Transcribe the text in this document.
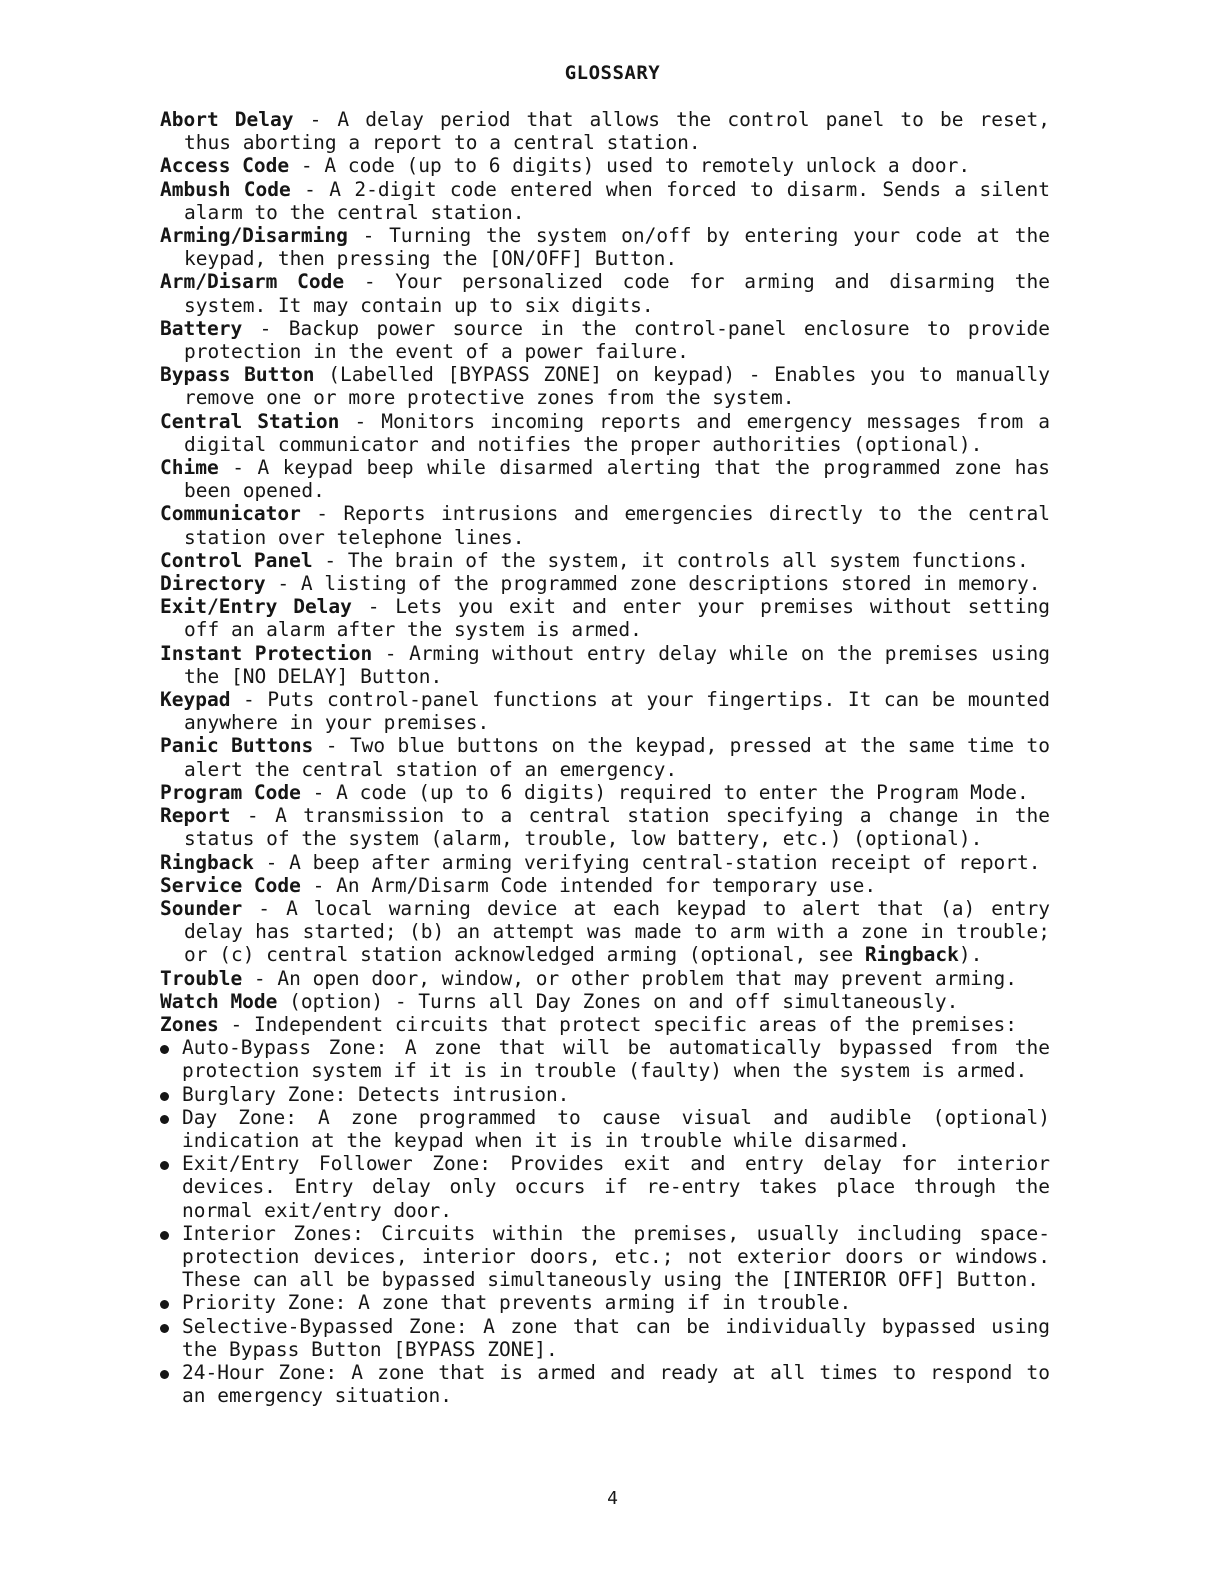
GLOSSARY
Abort Delay - A delay period that allows the control panel to be reset, thus aborting a report to a central station.
Access Code - A code (up to 6 digits) used to remotely unlock a door.
Ambush Code - A 2-digit code entered when forced to disarm. Sends a silent alarm to the central station.
Arming/Disarming - Turning the system on/off by entering your code at the keypad, then pressing the [ON/OFF] Button.
Arm/Disarm Code - Your personalized code for arming and disarming the system. It may contain up to six digits.
Battery - Backup power source in the control-panel enclosure to provide protection in the event of a power failure.
Bypass Button (Labelled [BYPASS ZONE] on keypad) - Enables you to manually remove one or more protective zones from the system.
Central Station - Monitors incoming reports and emergency messages from a digital communicator and notifies the proper authorities (optional).
Chime - A keypad beep while disarmed alerting that the programmed zone has been opened.
Communicator - Reports intrusions and emergencies directly to the central station over telephone lines.
Control Panel - The brain of the system, it controls all system functions.
Directory - A listing of the programmed zone descriptions stored in memory.
Exit/Entry Delay - Lets you exit and enter your premises without setting off an alarm after the system is armed.
Instant Protection - Arming without entry delay while on the premises using the [NO DELAY] Button.
Keypad - Puts control-panel functions at your fingertips. It can be mounted anywhere in your premises.
Panic Buttons - Two blue buttons on the keypad, pressed at the same time to alert the central station of an emergency.
Program Code - A code (up to 6 digits) required to enter the Program Mode.
Report - A transmission to a central station specifying a change in the status of the system (alarm, trouble, low battery, etc.) (optional).
Ringback - A beep after arming verifying central-station receipt of report.
Service Code - An Arm/Disarm Code intended for temporary use.
Sounder - A local warning device at each keypad to alert that (a) entry delay has started; (b) an attempt was made to arm with a zone in trouble; or (c) central station acknowledged arming (optional, see Ringback).
Trouble - An open door, window, or other problem that may prevent arming.
Watch Mode (option) - Turns all Day Zones on and off simultaneously.
Zones - Independent circuits that protect specific areas of the premises:
Auto-Bypass Zone: A zone that will be automatically bypassed from the protection system if it is in trouble (faulty) when the system is armed.
Burglary Zone: Detects intrusion.
Day Zone: A zone programmed to cause visual and audible (optional) indication at the keypad when it is in trouble while disarmed.
Exit/Entry Follower Zone: Provides exit and entry delay for interior devices. Entry delay only occurs if re-entry takes place through the normal exit/entry door.
Interior Zones: Circuits within the premises, usually including space-protection devices, interior doors, etc.; not exterior doors or windows. These can all be bypassed simultaneously using the [INTERIOR OFF] Button.
Priority Zone: A zone that prevents arming if in trouble.
Selective-Bypassed Zone: A zone that can be individually bypassed using the Bypass Button [BYPASS ZONE].
24-Hour Zone: A zone that is armed and ready at all times to respond to an emergency situation.
4
